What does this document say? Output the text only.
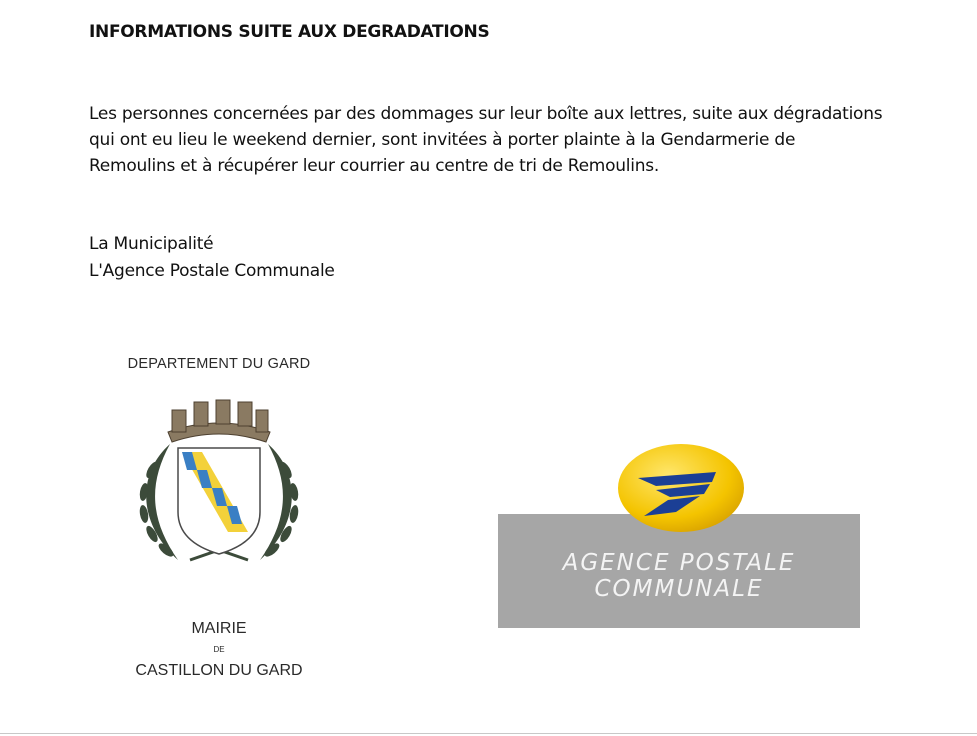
INFORMATIONS SUITE AUX DEGRADATIONS
Les personnes concernées par des dommages sur leur boîte aux lettres, suite aux dégradations
qui ont eu lieu le weekend dernier, sont invitées à porter plainte à la Gendarmerie de
Remoulins et à récupérer leur courrier au centre de tri de Remoulins.
La Municipalité
L'Agence Postale Communale
DEPARTEMENT DU GARD
MAIRIE
DE
CASTILLON DU GARD
AGENCE POSTALE
COMMUNALE
